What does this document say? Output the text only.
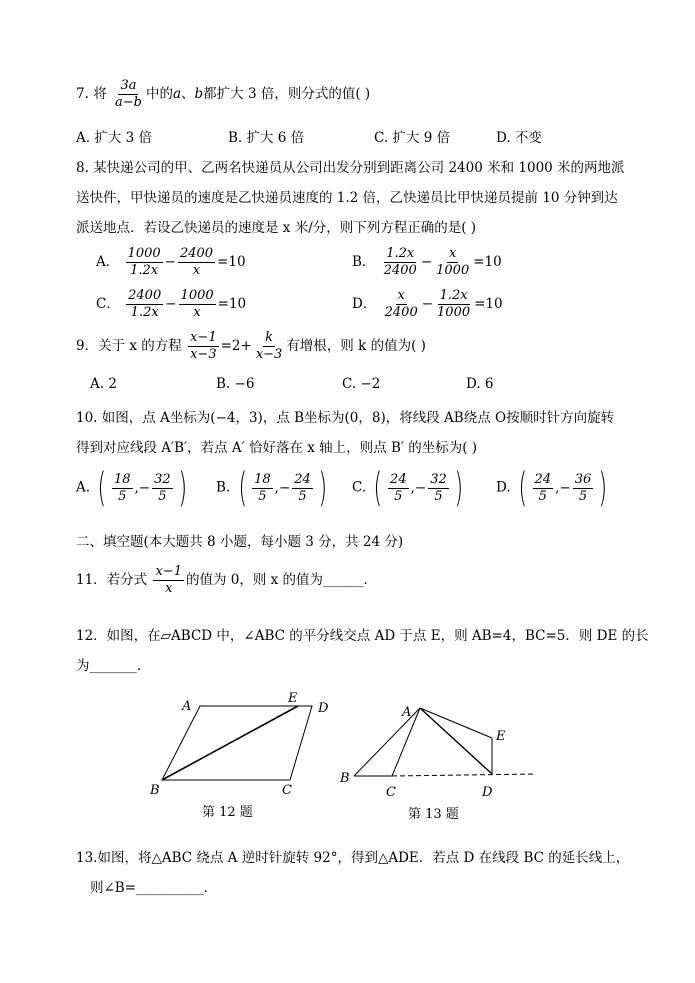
7. 将 $\frac{3a}{a-b}$ 中的a、b都扩大 3 倍，则分式的值( )
A. 扩大 3 倍	B. 扩大 6 倍	C. 扩大 9 倍	D. 不变
8. 某快递公司的甲、乙两名快递员从公司出发分别到距离公司 2400 米和 1000 米的两地派
送快件，甲快递员的速度是乙快递员速度的 1.2 倍，乙快递员比甲快递员提前 10 分钟到达
派送地点．若设乙快递员的速度是 x 米/分，则下列方程正确的是( )
A． $\frac{1000}{1.2x} - \frac{2400}{x} =10$	B． $\frac{1.2x}{2400} - \frac{x}{1000} =10$
C． $\frac{2400}{1.2x} - \frac{1000}{x} =10$	D． $\frac{x}{2400} - \frac{1.2x}{1000} =10$
9．关于 x 的方程 $\frac{x-1}{x-3} =2+ \frac{k}{x-3}$ 有增根，则 k 的值为( )
A. 2	B. −6	C. −2	D. 6
10. 如图，点 A坐标为(−4，3)，点 B坐标为(0，8)，将线段 AB绕点 O按顺时针方向旋转
得到对应线段 A′B′，若点 A′ 恰好落在 x 轴上，则点 B′ 的坐标为( )
A. ( $\frac{18}{5}$ ,− $\frac{32}{5}$ ) B. ( $\frac{18}{5}$ ,− $\frac{24}{5}$ ) C. ( $\frac{24}{5}$ ,− $\frac{32}{5}$ ) D. ( $\frac{24}{5}$ ,− $\frac{36}{5}$ )
二、填空题(本大题共 8 小题，每小题 3 分，共 24 分)
11．若分式 $\frac{x-1}{x}$ 的值为 0，则 x 的值为______．
12．如图，在▱ABCD 中，∠ABC 的平分线交点 AD 于点 E，则 AB=4，BC=5．则 DE 的长
为_______．
A
E
D
B	C
第 12 题
A
E
B
C	D
第 13 题
13.如图，将△ABC 绕点 A 逆时针旋转 92°，得到△ADE．若点 D 在线段 BC 的延长线上，
则∠B=__________．
